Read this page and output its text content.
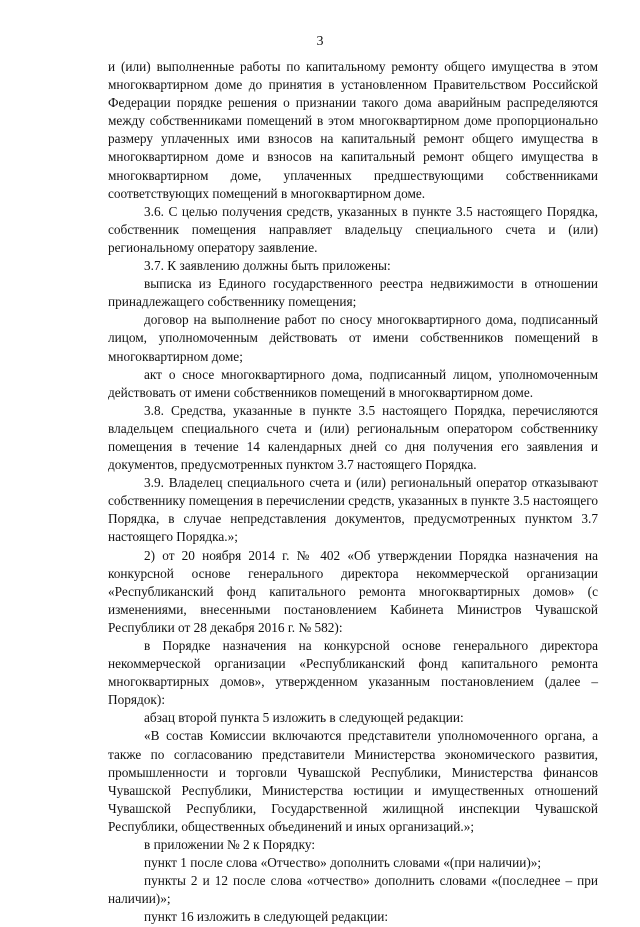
3

и (или) выполненные работы по капитальному ремонту общего имущества в этом многоквартирном доме до принятия в установленном Правительством Российской Федерации порядке решения о признании такого дома аварийным распределяются между собственниками помещений в этом многоквартирном доме пропорционально размеру уплаченных ими взносов на капитальный ремонт общего имущества в многоквартирном доме и взносов на капитальный ремонт общего имущества в многоквартирном доме, уплаченных предшествующими собственниками соответствующих помещений в многоквартирном доме.

3.6. С целью получения средств, указанных в пункте 3.5 настоящего Порядка, собственник помещения направляет владельцу специального счета и (или) региональному оператору заявление.

3.7. К заявлению должны быть приложены:

выписка из Единого государственного реестра недвижимости в отношении принадлежащего собственнику помещения;

договор на выполнение работ по сносу многоквартирного дома, подписанный лицом, уполномоченным действовать от имени собственников помещений в многоквартирном доме;

акт о сносе многоквартирного дома, подписанный лицом, уполномоченным действовать от имени собственников помещений в многоквартирном доме.

3.8. Средства, указанные в пункте 3.5 настоящего Порядка, перечисляются владельцем специального счета и (или) региональным оператором собственнику помещения в течение 14 календарных дней со дня получения его заявления и документов, предусмотренных пунктом 3.7 настоящего Порядка.

3.9. Владелец специального счета и (или) региональный оператор отказывают собственнику помещения в перечислении средств, указанных в пункте 3.5 настоящего Порядка, в случае непредставления документов, предусмотренных пунктом 3.7 настоящего Порядка.»;

2) от 20 ноября 2014 г. № 402 «Об утверждении Порядка назначения на конкурсной основе генерального директора некоммерческой организации «Республиканский фонд капитального ремонта многоквартирных домов» (с изменениями, внесенными постановлением Кабинета Министров Чувашской Республики от 28 декабря 2016 г. № 582):

в Порядке назначения на конкурсной основе генерального директора некоммерческой организации «Республиканский фонд капитального ремонта многоквартирных домов», утвержденном указанным постановлением (далее – Порядок):

абзац второй пункта 5 изложить в следующей редакции:

«В состав Комиссии включаются представители уполномоченного органа, а также по согласованию представители Министерства экономического развития, промышленности и торговли Чувашской Республики, Министерства финансов Чувашской Республики, Министерства юстиции и имущественных отношений Чувашской Республики, Государственной жилищной инспекции Чувашской Республики, общественных объединений и иных организаций.»;

в приложении № 2 к Порядку:

пункт 1 после слова «Отчество» дополнить словами «(при наличии)»;

пункты 2 и 12 после слова «отчество» дополнить словами «(последнее – при наличии)»;

пункт 16 изложить в следующей редакции:
